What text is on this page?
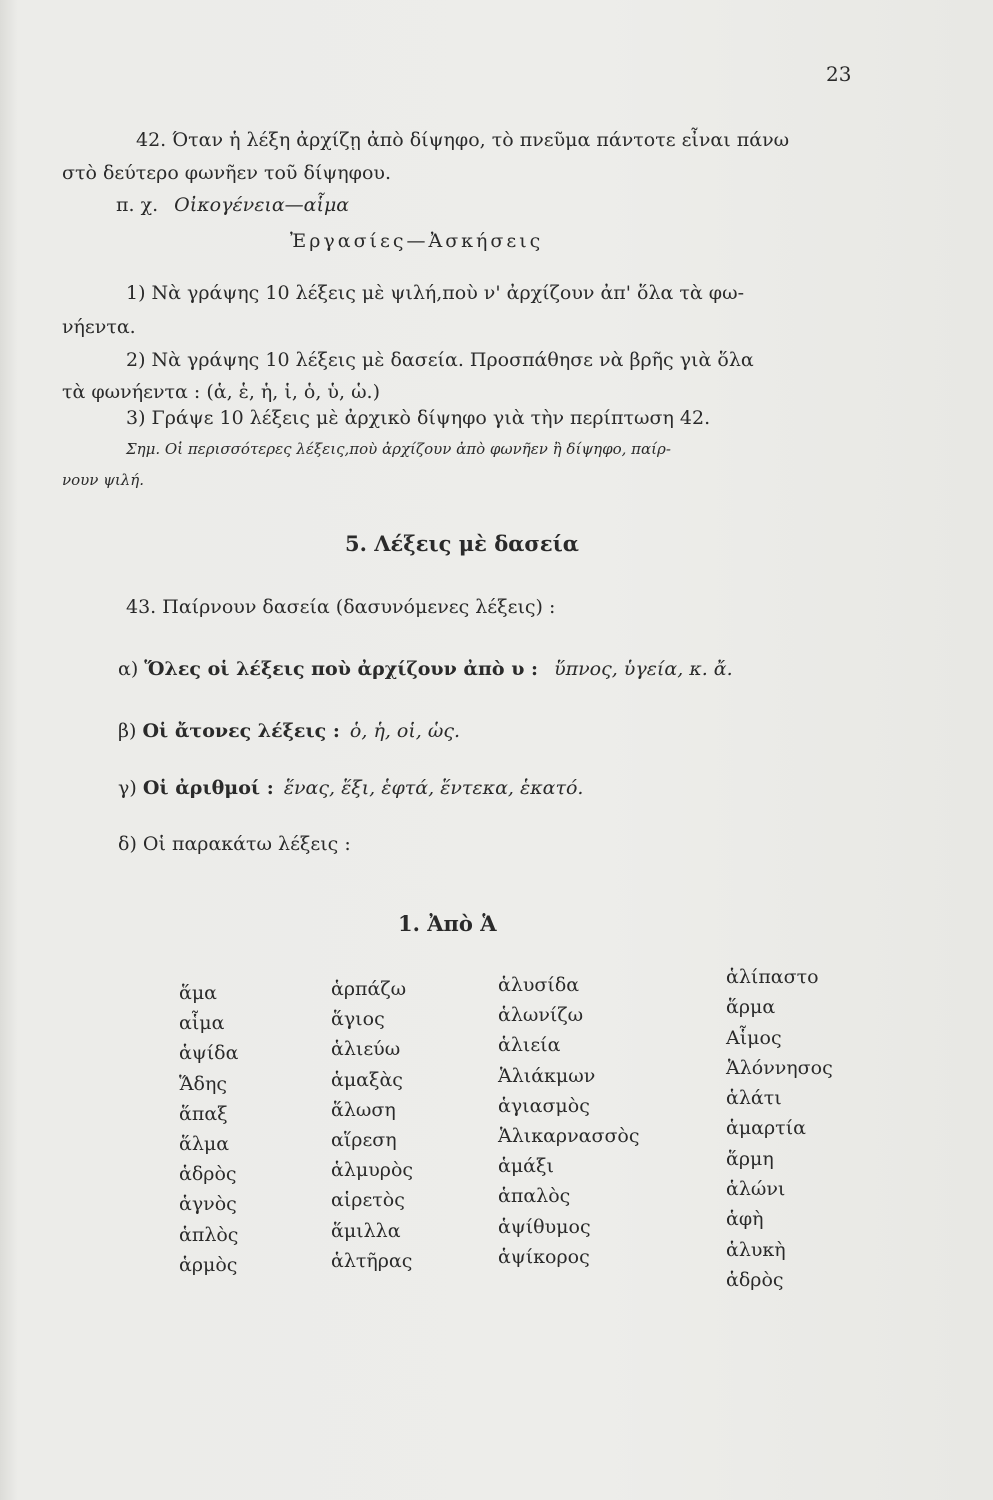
23
42. Όταν ἡ λέξη ἀρχίζῃ ἀπὸ δίψηφο, τὸ πνεῦμα πάντοτε εἶναι πάνω
στὸ δεύτερο φωνῆεν τοῦ δίψηφου.
π. χ. Οἰκογένεια—αἷμα
Ἐργασίες—Ἀσκήσεις
1) Νὰ γράψης 10 λέξεις μὲ ψιλή,ποὺ ν' ἀρχίζουν ἀπ' ὅλα τὰ φω-
νήεντα.
2) Νὰ γράψης 10 λέξεις μὲ δασεία. Προσπάθησε νὰ βρῆς γιὰ ὅλα
τὰ φωνήεντα : (ἁ, ἑ, ἡ, ἱ, ὁ, ὑ, ὡ.)
3) Γράψε 10 λέξεις μὲ ἀρχικὸ δίψηφο γιὰ τὴν περίπτωση 42.
Σημ. Οἱ περισσότερες λέξεις,ποὺ ἀρχίζουν ἀπὸ φωνῆεν ἢ δίψηφο, παίρ-
νουν ψιλή.
5. Λέξεις μὲ δασεία
43. Παίρνουν δασεία (δασυνόμενες λέξεις) :
α) Ὅλες οἱ λέξεις ποὺ ἀρχίζουν ἀπὸ υ : ὕπνος, ὑγεία, κ. ἄ.
β) Οἱ ἄτονες λέξεις : ὁ, ἡ, οἱ, ὡς.
γ) Οἱ ἀριθμοί : ἕνας, ἕξι, ἑφτά, ἕντεκα, ἑκατό.
δ) Οἱ παρακάτω λέξεις :
1. Ἀπὸ Ἁ
ἅμα
αἷμα
ἁψίδα
Ἅδης
ἅπαξ
ἅλμα
ἁδρὸς
ἁγνὸς
ἁπλὸς
ἁρμὸς
ἁρπάζω
ἅγιος
ἁλιεύω
ἁμαξὰς
ἅλωση
αἵρεση
ἁλμυρὸς
αἱρετὸς
ἅμιλλα
ἁλτῆρας
ἁλυσίδα
ἁλωνίζω
ἁλιεία
Ἁλιάκμων
ἁγιασμὸς
Ἁλικαρνασσὸς
ἁμάξι
ἁπαλὸς
ἁψίθυμος
ἁψίκορος
ἁλίπαστο
ἅρμα
Αἷμος
Ἁλόννησος
ἁλάτι
ἁμαρτία
ἅρμη
ἁλώνι
ἁφὴ
ἁλυκὴ
ἁδρὸς
